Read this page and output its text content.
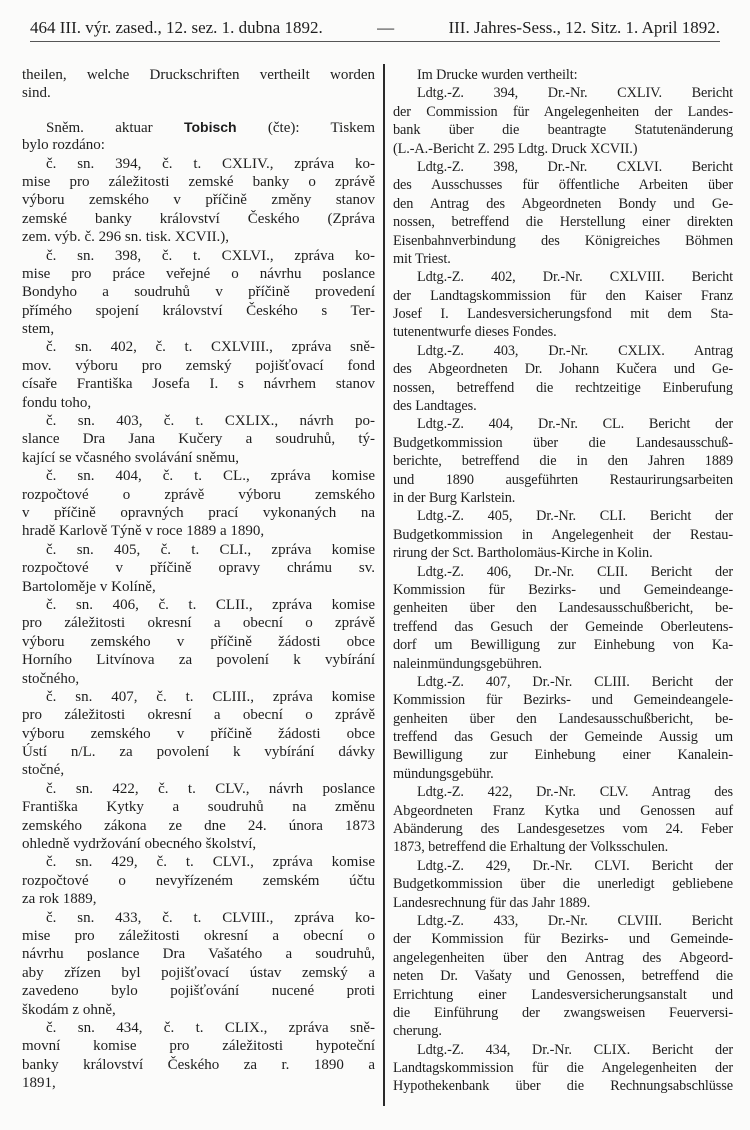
464 III. výr. zased., 12. sez. 1. dubna 1892.	—	III. Jahres-Sess., 12. Sitz. 1. April 1892.
theilen, welche Druckschriften vertheilt worden
sind.
Sněm. aktuar Tobisch (čte): Tiskem
bylo rozdáno:
č. sn. 394, č. t. CXLIV., zpráva ko-
mise pro záležitosti zemské banky o zprávě
výboru zemského v příčině změny stanov
zemské banky království Českého (Zpráva
zem. výb. č. 296 sn. tisk. XCVII.),
č. sn. 398, č. t. CXLVI., zpráva ko-
mise pro práce veřejné o návrhu poslance
Bondyho a soudruhů v příčině provedení
přímého spojení království Českého s Ter-
stem,
č. sn. 402, č. t. CXLVIII., zpráva sně-
mov. výboru pro zemský pojišťovací fond
císaře Františka Josefa I. s návrhem stanov
fondu toho,
č. sn. 403, č. t. CXLIX., návrh po-
slance Dra Jana Kučery a soudruhů, tý-
kající se včasného svolávání sněmu,
č. sn. 404, č. t. CL., zpráva komise
rozpočtové o zprávě výboru zemského
v příčině opravných prací vykonaných na
hradě Karlově Týně v roce 1889 a 1890,
č. sn. 405, č. t. CLI., zpráva komise
rozpočtové v příčině opravy chrámu sv.
Bartoloměje v Kolíně,
č. sn. 406, č. t. CLII., zpráva komise
pro záležitosti okresní a obecní o zprávě
výboru zemského v příčině žádosti obce
Horního Litvínova za povolení k vybírání
stočného,
č. sn. 407, č. t. CLIII., zpráva komise
pro záležitosti okresní a obecní o zprávě
výboru zemského v příčině žádosti obce
Ústí n/L. za povolení k vybírání dávky
stočné,
č. sn. 422, č. t. CLV., návrh poslance
Františka Kytky a soudruhů na změnu
zemského zákona ze dne 24. února 1873
ohledně vydržování obecného školství,
č. sn. 429, č. t. CLVI., zpráva komise
rozpočtové o nevyřízeném zemském účtu
za rok 1889,
č. sn. 433, č. t. CLVIII., zpráva ko-
mise pro záležitosti okresní a obecní o
návrhu poslance Dra Vašatého a soudruhů,
aby zřízen byl pojišťovací ústav zemský a
zavedeno bylo pojišťování nucené proti
škodám z ohně,
č. sn. 434, č. t. CLIX., zpráva sně-
movní komise pro záležitosti hypoteční
banky království Českého za r. 1890 a
1891,
Im Drucke wurden vertheilt:
Ldtg.-Z. 394, Dr.-Nr. CXLIV. Bericht
der Commission für Angelegenheiten der Landes-
bank über die beantragte Statutenänderung
(L.-A.-Bericht Z. 295 Ldtg. Druck XCVII.)
Ldtg.-Z. 398, Dr.-Nr. CXLVI. Bericht
des Ausschusses für öffentliche Arbeiten über
den Antrag des Abgeordneten Bondy und Ge-
nossen, betreffend die Herstellung einer direkten
Eisenbahnverbindung des Königreiches Böhmen
mit Triest.
Ldtg.-Z. 402, Dr.-Nr. CXLVIII. Bericht
der Landtagskommission für den Kaiser Franz
Josef I. Landesversicherungsfond mit dem Sta-
tutenentwurfe dieses Fondes.
Ldtg.-Z. 403, Dr.-Nr. CXLIX. Antrag
des Abgeordneten Dr. Johann Kučera und Ge-
nossen, betreffend die rechtzeitige Einberufung
des Landtages.
Ldtg.-Z. 404, Dr.-Nr. CL. Bericht der
Budgetkommission über die Landesausschuß-
berichte, betreffend die in den Jahren 1889
und 1890 ausgeführten Restaurirungsarbeiten
in der Burg Karlstein.
Ldtg.-Z. 405, Dr.-Nr. CLI. Bericht der
Budgetkommission in Angelegenheit der Restau-
rirung der Sct. Bartholomäus-Kirche in Kolin.
Ldtg.-Z. 406, Dr.-Nr. CLII. Bericht der
Kommission für Bezirks- und Gemeindeange-
genheiten über den Landesausschußbericht, be-
treffend das Gesuch der Gemeinde Oberleutens-
dorf um Bewilligung zur Einhebung von Ka-
naleinmündungsgebühren.
Ldtg.-Z. 407, Dr.-Nr. CLIII. Bericht der
Kommission für Bezirks- und Gemeindeangele-
genheiten über den Landesausschußbericht, be-
treffend das Gesuch der Gemeinde Aussig um
Bewilligung zur Einhebung einer Kanalein-
mündungsgebühr.
Ldtg.-Z. 422, Dr.-Nr. CLV. Antrag des
Abgeordneten Franz Kytka und Genossen auf
Abänderung des Landesgesetzes vom 24. Feber
1873, betreffend die Erhaltung der Volksschulen.
Ldtg.-Z. 429, Dr.-Nr. CLVI. Bericht der
Budgetkommission über die unerledigt gebliebene
Landesrechnung für das Jahr 1889.
Ldtg.-Z. 433, Dr.-Nr. CLVIII. Bericht
der Kommission für Bezirks- und Gemeinde-
angelegenheiten über den Antrag des Abgeord-
neten Dr. Vašaty und Genossen, betreffend die
Errichtung einer Landesversicherungsanstalt und
die Einführung der zwangsweisen Feuerversi-
cherung.
Ldtg.-Z. 434, Dr.-Nr. CLIX. Bericht der
Landtagskommission für die Angelegenheiten der
Hypothekenbank über die Rechnungsabschlüsse
